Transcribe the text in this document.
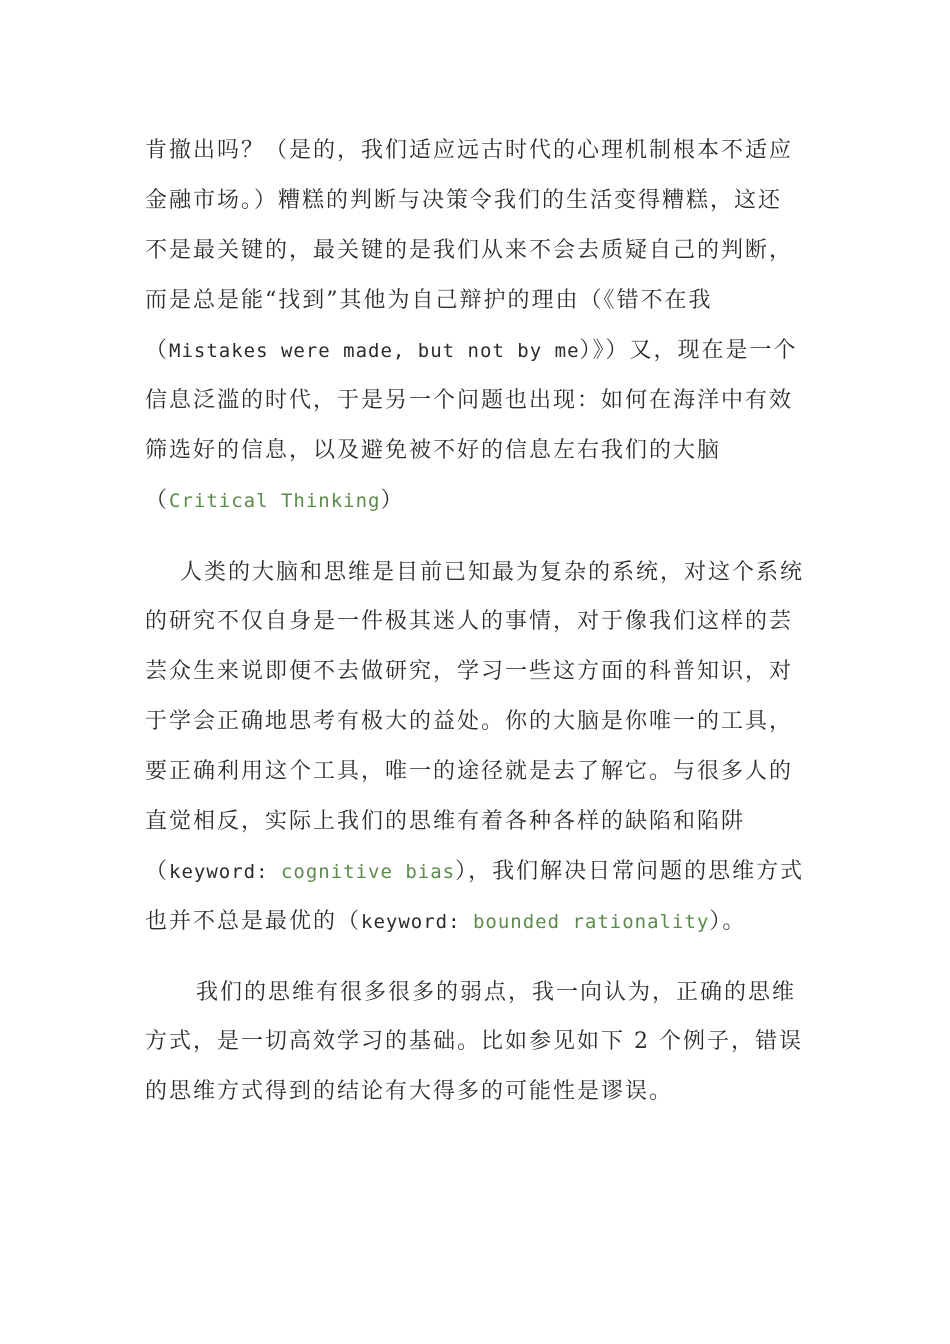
肯撤出吗？（是的，我们适应远古时代的心理机制根本不适应
金融市场。）糟糕的判断与决策令我们的生活变得糟糕，这还
不是最关键的，最关键的是我们从来不会去质疑自己的判断，
而是总是能“找到”其他为自己辩护的理由（《错不在我
（Mistakes were made, but not by me）》）又，现在是一个
信息泛滥的时代，于是另一个问题也出现：如何在海洋中有效
筛选好的信息，以及避免被不好的信息左右我们的大脑
（Critical Thinking）
人类的大脑和思维是目前已知最为复杂的系统，对这个系统
的研究不仅自身是一件极其迷人的事情，对于像我们这样的芸
芸众生来说即便不去做研究，学习一些这方面的科普知识，对
于学会正确地思考有极大的益处。你的大脑是你唯一的工具，
要正确利用这个工具，唯一的途径就是去了解它。与很多人的
直觉相反，实际上我们的思维有着各种各样的缺陷和陷阱
（keyword: cognitive bias），我们解决日常问题的思维方式
也并不总是最优的（keyword: bounded rationality）。
我们的思维有很多很多的弱点，我一向认为，正确的思维
方式，是一切高效学习的基础。比如参见如下 2 个例子，错误
的思维方式得到的结论有大得多的可能性是谬误。
